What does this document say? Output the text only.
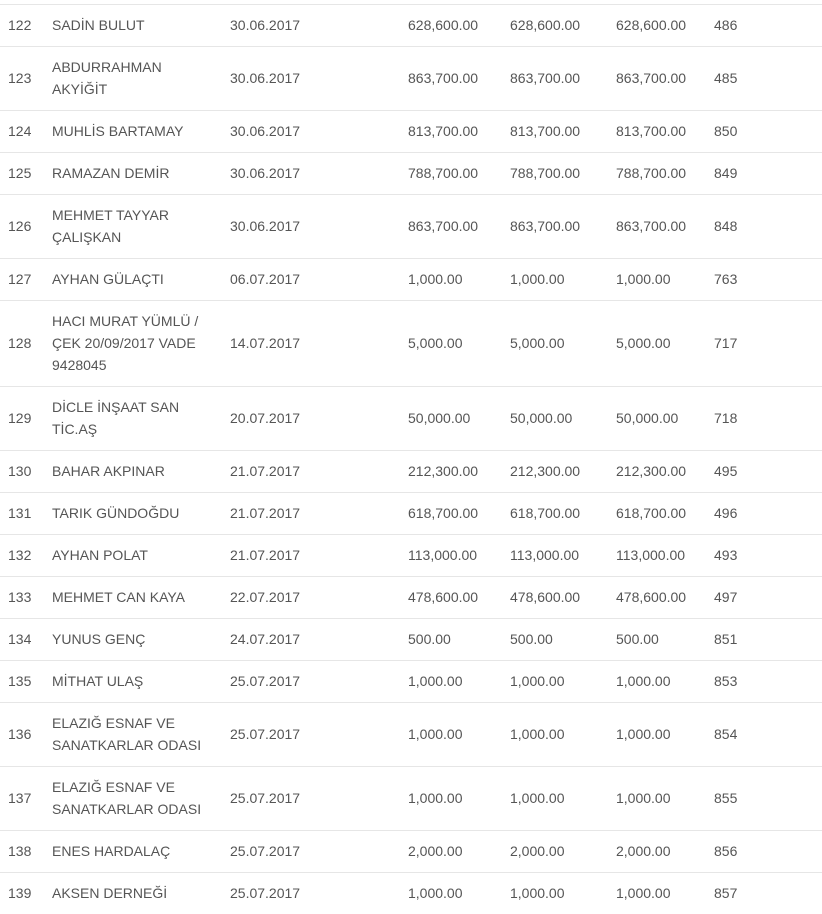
122	SADİN BULUT	30.06.2017	628,600.00	628,600.00	628,600.00	486
123	ABDURRAHMAN AKYİĞİT	30.06.2017	863,700.00	863,700.00	863,700.00	485
124	MUHLİS BARTAMAY	30.06.2017	813,700.00	813,700.00	813,700.00	850
125	RAMAZAN DEMİR	30.06.2017	788,700.00	788,700.00	788,700.00	849
126	MEHMET TAYYAR ÇALIŞKAN	30.06.2017	863,700.00	863,700.00	863,700.00	848
127	AYHAN GÜLAÇTI	06.07.2017	1,000.00	1,000.00	1,000.00	763
128	HACI MURAT YÜMLÜ / ÇEK 20/09/2017 VADE 9428045	14.07.2017	5,000.00	5,000.00	5,000.00	717
129	DİCLE İNŞAAT SAN TİC.AŞ	20.07.2017	50,000.00	50,000.00	50,000.00	718
130	BAHAR AKPINAR	21.07.2017	212,300.00	212,300.00	212,300.00	495
131	TARIK GÜNDOĞDU	21.07.2017	618,700.00	618,700.00	618,700.00	496
132	AYHAN POLAT	21.07.2017	113,000.00	113,000.00	113,000.00	493
133	MEHMET CAN KAYA	22.07.2017	478,600.00	478,600.00	478,600.00	497
134	YUNUS GENÇ	24.07.2017	500.00	500.00	500.00	851
135	MİTHAT ULAŞ	25.07.2017	1,000.00	1,000.00	1,000.00	853
136	ELAZIĞ ESNAF VE SANATKARLAR ODASI	25.07.2017	1,000.00	1,000.00	1,000.00	854
137	ELAZIĞ ESNAF VE SANATKARLAR ODASI	25.07.2017	1,000.00	1,000.00	1,000.00	855
138	ENES HARDALAÇ	25.07.2017	2,000.00	2,000.00	2,000.00	856
139	AKSEN DERNEĞİ	25.07.2017	1,000.00	1,000.00	1,000.00	857
